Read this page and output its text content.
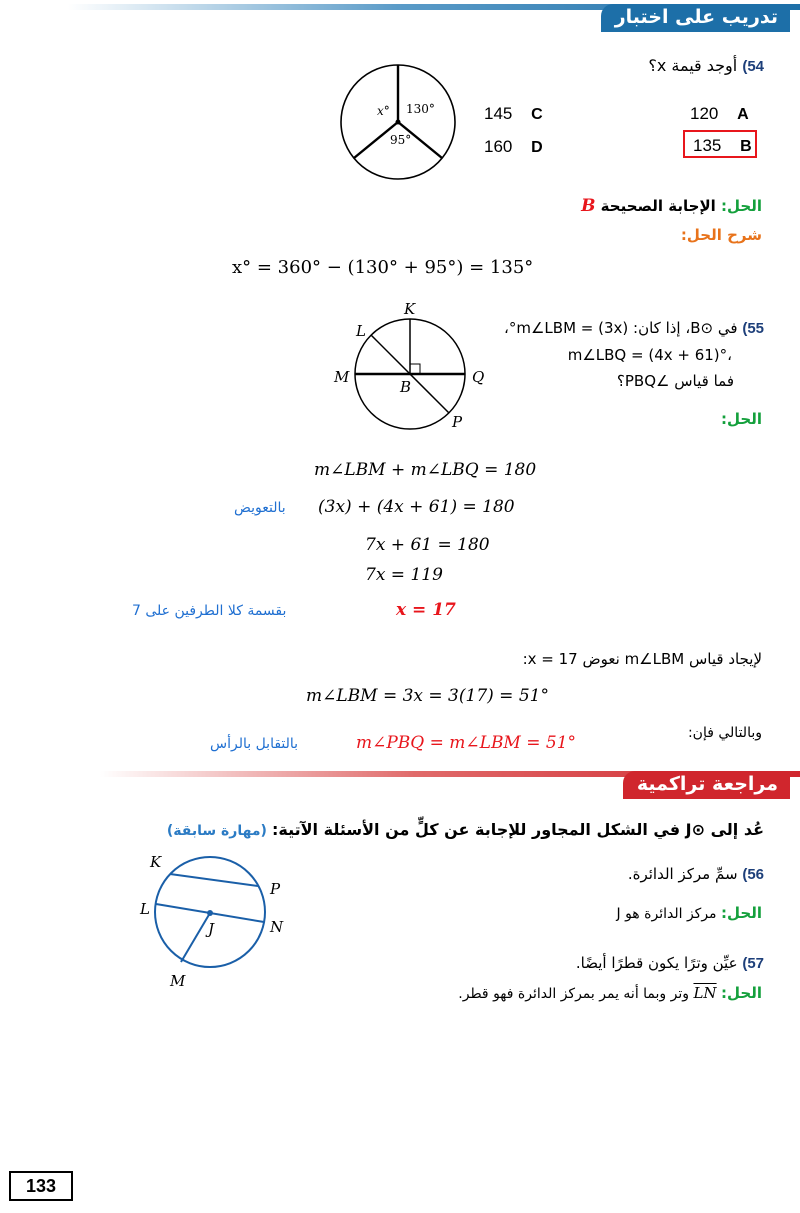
تدريب على اختبار
54) أوجد قيمة x؟
x° 130°
95°
145 C
160 D
120 A
135 B
الحل: الإجابة الصحيحة B
شرح الحل:
x° = 360° − (130° + 95°) = 135°
55) في ⊙B، إذا كان: m∠LBM = (3x)°،
m∠LBQ = (4x + 61)°،
فما قياس ∠PBQ؟
K
L
M
B
Q
P	الحل:
m∠LBM + m∠LBQ = 180
(3x) + (4x + 61) = 180
بالتعويض
7x + 61 = 180
7x = 119
x = 17
بقسمة كلا الطرفين على 7
لإيجاد قياس m∠LBM نعوض x = 17:
m∠LBM = 3x = 3(17) = 51°
وبالتالي فإن:
m∠PBQ = m∠LBM = 51°
بالتقابل بالرأس
مراجعة تراكمية
عُد إلى ⊙J في الشكل المجاور للإجابة عن كلٍّ من الأسئلة الآتية: (مهارة سابقة)
K
P
L
N
J
M
56) سمِّ مركز الدائرة.
الحل: مركز الدائرة هو J
57) عيِّن وترًا يكون قطرًا أيضًا.
الحل: LN وتر وبما أنه يمر بمركز الدائرة فهو قطر.
133
